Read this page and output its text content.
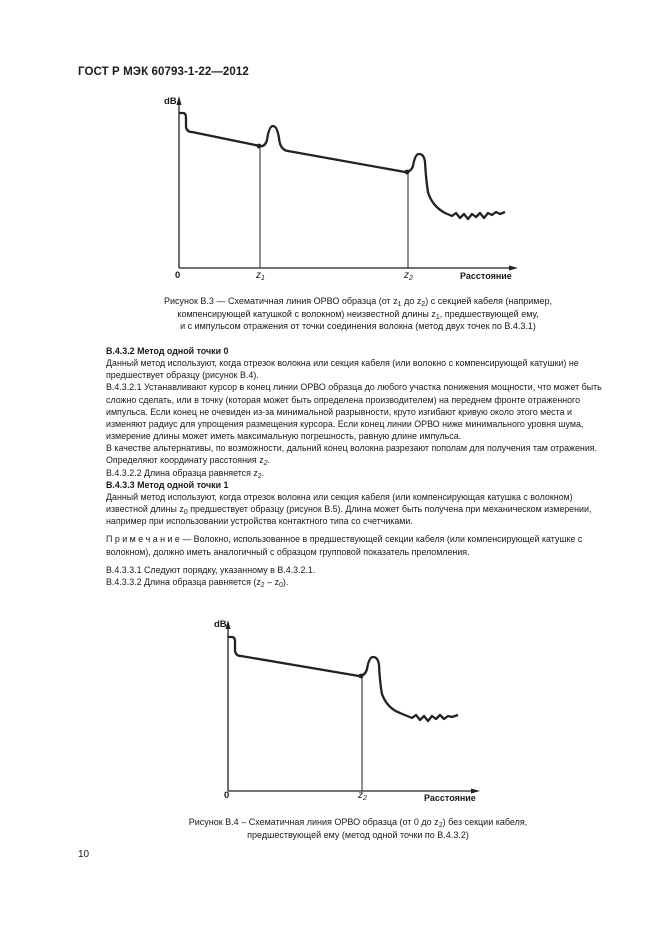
ГОСТ Р МЭК 60793-1-22—2012
dB
0	$z_1$	$z_2$	Расстояние
Рисунок В.3 — Схематичная линия ОРВО образца (от $z_1$ до $z_2$) с секцией кабеля (например,
компенсирующей катушкой с волокном) неизвестной длины $z_1$, предшествующей ему,
и с импульсом отражения от точки соединения волокна (метод двух точек по В.4.3.1)

В.4.3.2 Метод одной точки 0

Данный метод используют, когда отрезок волокна или секция кабеля (или волокно с компенсирующей катушки) не предшествует образцу (рисунок В.4).

В.4.3.2.1 Устанавливают курсор в конец линии ОРВО образца до любого участка понижения мощности, что может быть сложно сделать, или в точку (которая может быть определена производителем) на переднем фронте отраженного импульса. Если конец не очевиден из-за минимальной разрывности, круто изгибают кривую около этого места и изменяют радиус для упрощения размещения курсора. Если конец линии ОРВО ниже минимального уровня шума, измерение длины может иметь максимальную погрешность, равную длине импульса.

В качестве альтернативы, по возможности, дальний конец волокна разрезают пополам для получения там отражения. Определяют координату расстояния $z_2$.

В.4.3.2.2 Длина образца равняется $z_2$.

В.4.3.3 Метод одной точки 1

Данный метод используют, когда отрезок волокна или секция кабеля (или компенсирующая катушка с волокном) известной длины $z_0$ предшествует образцу (рисунок В.5). Длина может быть получена при механическом измерении, например при использовании устройства контактного типа со счетчиками.

П р и м е ч а н и е — Волокно, использованное в предшествующей секции кабеля (или компенсирующей катушке с волокном), должно иметь аналогичный с образцом групповой показатель преломления.

В.4.3.3.1 Следуют порядку, указанному в В.4.3.2.1.

В.4.3.3.2 Длина образца равняется $(z_2 - z_0)$.

dB
0	$z_2$	Расстояние
Рисунок В.4 – Схематичная линия ОРВО образца (от 0 до $z_2$) без секции кабеля,
предшествующей ему (метод одной точки по В.4.3.2)
10
